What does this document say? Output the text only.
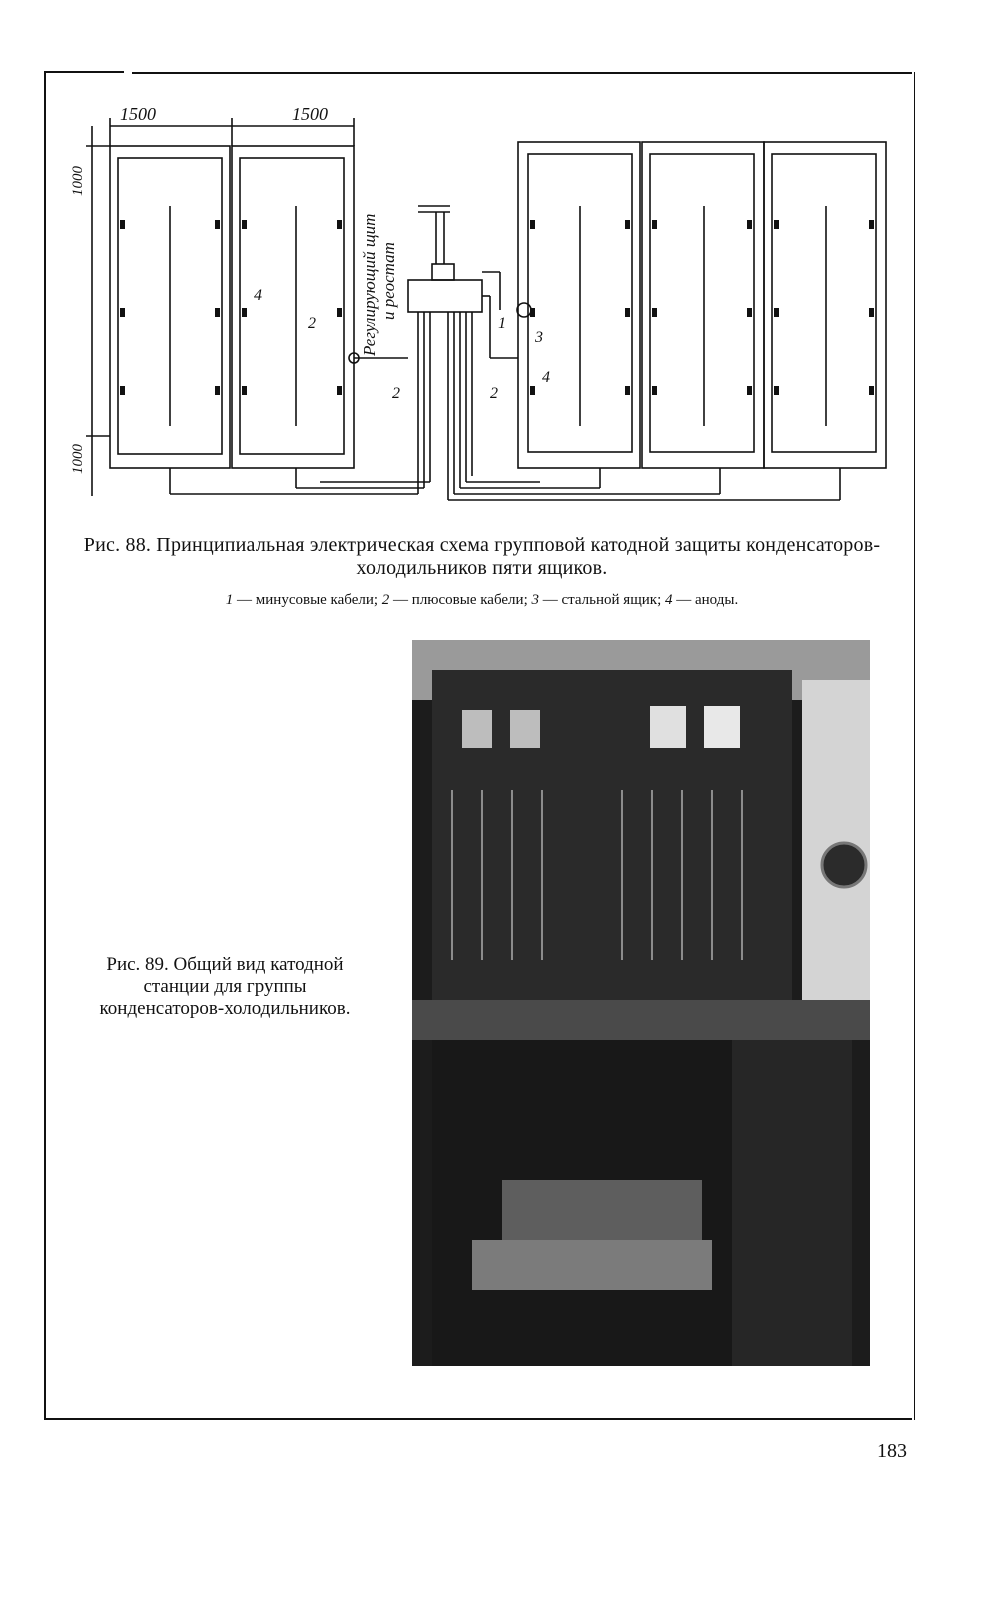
1500	1500
1000
1000
Регулирующий щит и реостат
1
2
2	2
3
4
4
Рис. 88. Принципиальная электрическая схема групповой катодной защиты конденсаторов-холодильников пяти ящиков.
1 — минусовые кабели; 2 — плюсовые кабели; 3 — стальной ящик; 4 — аноды.
Рис. 89. Общий вид катодной станции для группы конденсаторов-холодильников.
183
